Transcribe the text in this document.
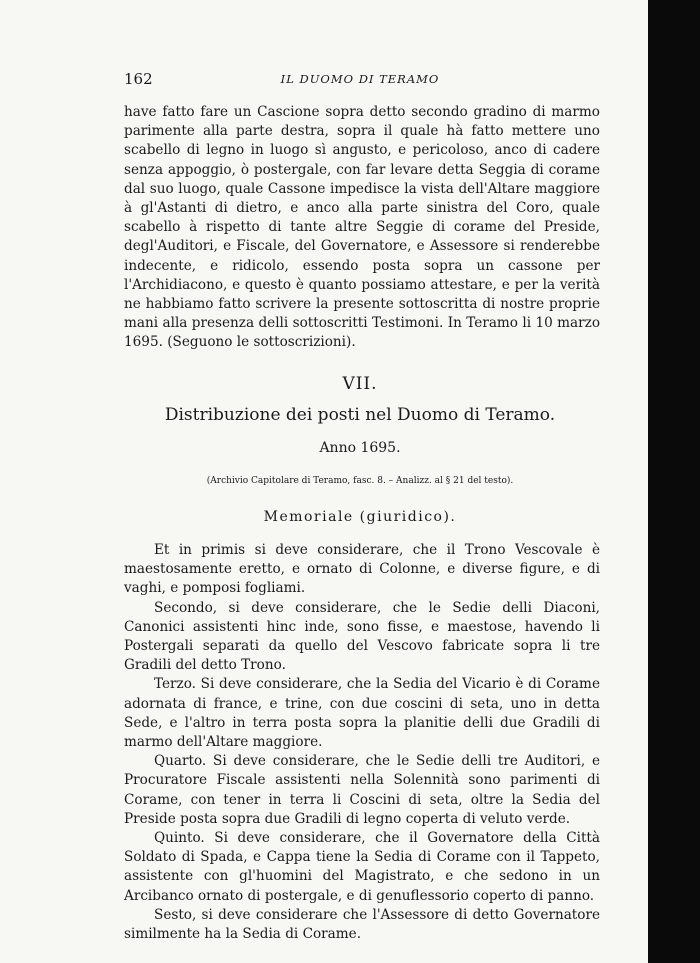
162	IL DUOMO DI TERAMO

have fatto fare un Cascione sopra detto secondo gradino di marmo parimente alla parte destra, sopra il quale hà fatto mettere uno scabello di legno in luogo sì angusto, e pericoloso, anco di cadere senza appoggio, ò postergale, con far levare detta Seggia di corame dal suo luogo, quale Cassone impedisce la vista dell'Altare maggiore à gl'Astanti di dietro, e anco alla parte sinistra del Coro, quale scabello à rispetto di tante altre Seggie di corame del Preside, degl'Auditori, e Fiscale, del Governatore, e Assessore si renderebbe indecente, e ridicolo, essendo posta sopra un cassone per l'Archidiacono, e questo è quanto possiamo attestare, e per la verità ne habbiamo fatto scrivere la presente sottoscritta di nostre proprie mani alla presenza delli sottoscritti Testimoni. In Teramo li 10 marzo 1695. (Seguono le sottoscrizioni).

VII.
Distribuzione dei posti nel Duomo di Teramo.
Anno 1695.
(Archivio Capitolare di Teramo, fasc. 8. – Analizz. al § 21 del testo).
Memoriale (giuridico).

Et in primis si deve considerare, che il Trono Vescovale è maestosamente eretto, e ornato di Colonne, e diverse figure, e di vaghi, e pomposi fogliami.

Secondo, si deve considerare, che le Sedie delli Diaconi, Canonici assistenti hinc inde, sono fisse, e maestose, havendo li Postergali separati da quello del Vescovo fabricate sopra li tre Gradili del detto Trono.

Terzo. Si deve considerare, che la Sedia del Vicario è di Corame adornata di france, e trine, con due coscini di seta, uno in detta Sede, e l'altro in terra posta sopra la planitie delli due Gradili di marmo dell'Altare maggiore.

Quarto. Si deve considerare, che le Sedie delli tre Auditori, e Procuratore Fiscale assistenti nella Solennità sono parimenti di Corame, con tener in terra li Coscini di seta, oltre la Sedia del Preside posta sopra due Gradili di legno coperta di veluto verde.

Quinto. Si deve considerare, che il Governatore della Città Soldato di Spada, e Cappa tiene la Sedia di Corame con il Tappeto, assistente con gl'huomini del Magistrato, e che sedono in un Arcibanco ornato di postergale, e di genuflessorio coperto di panno.

Sesto, si deve considerare che l'Assessore di detto Governatore similmente ha la Sedia di Corame.
